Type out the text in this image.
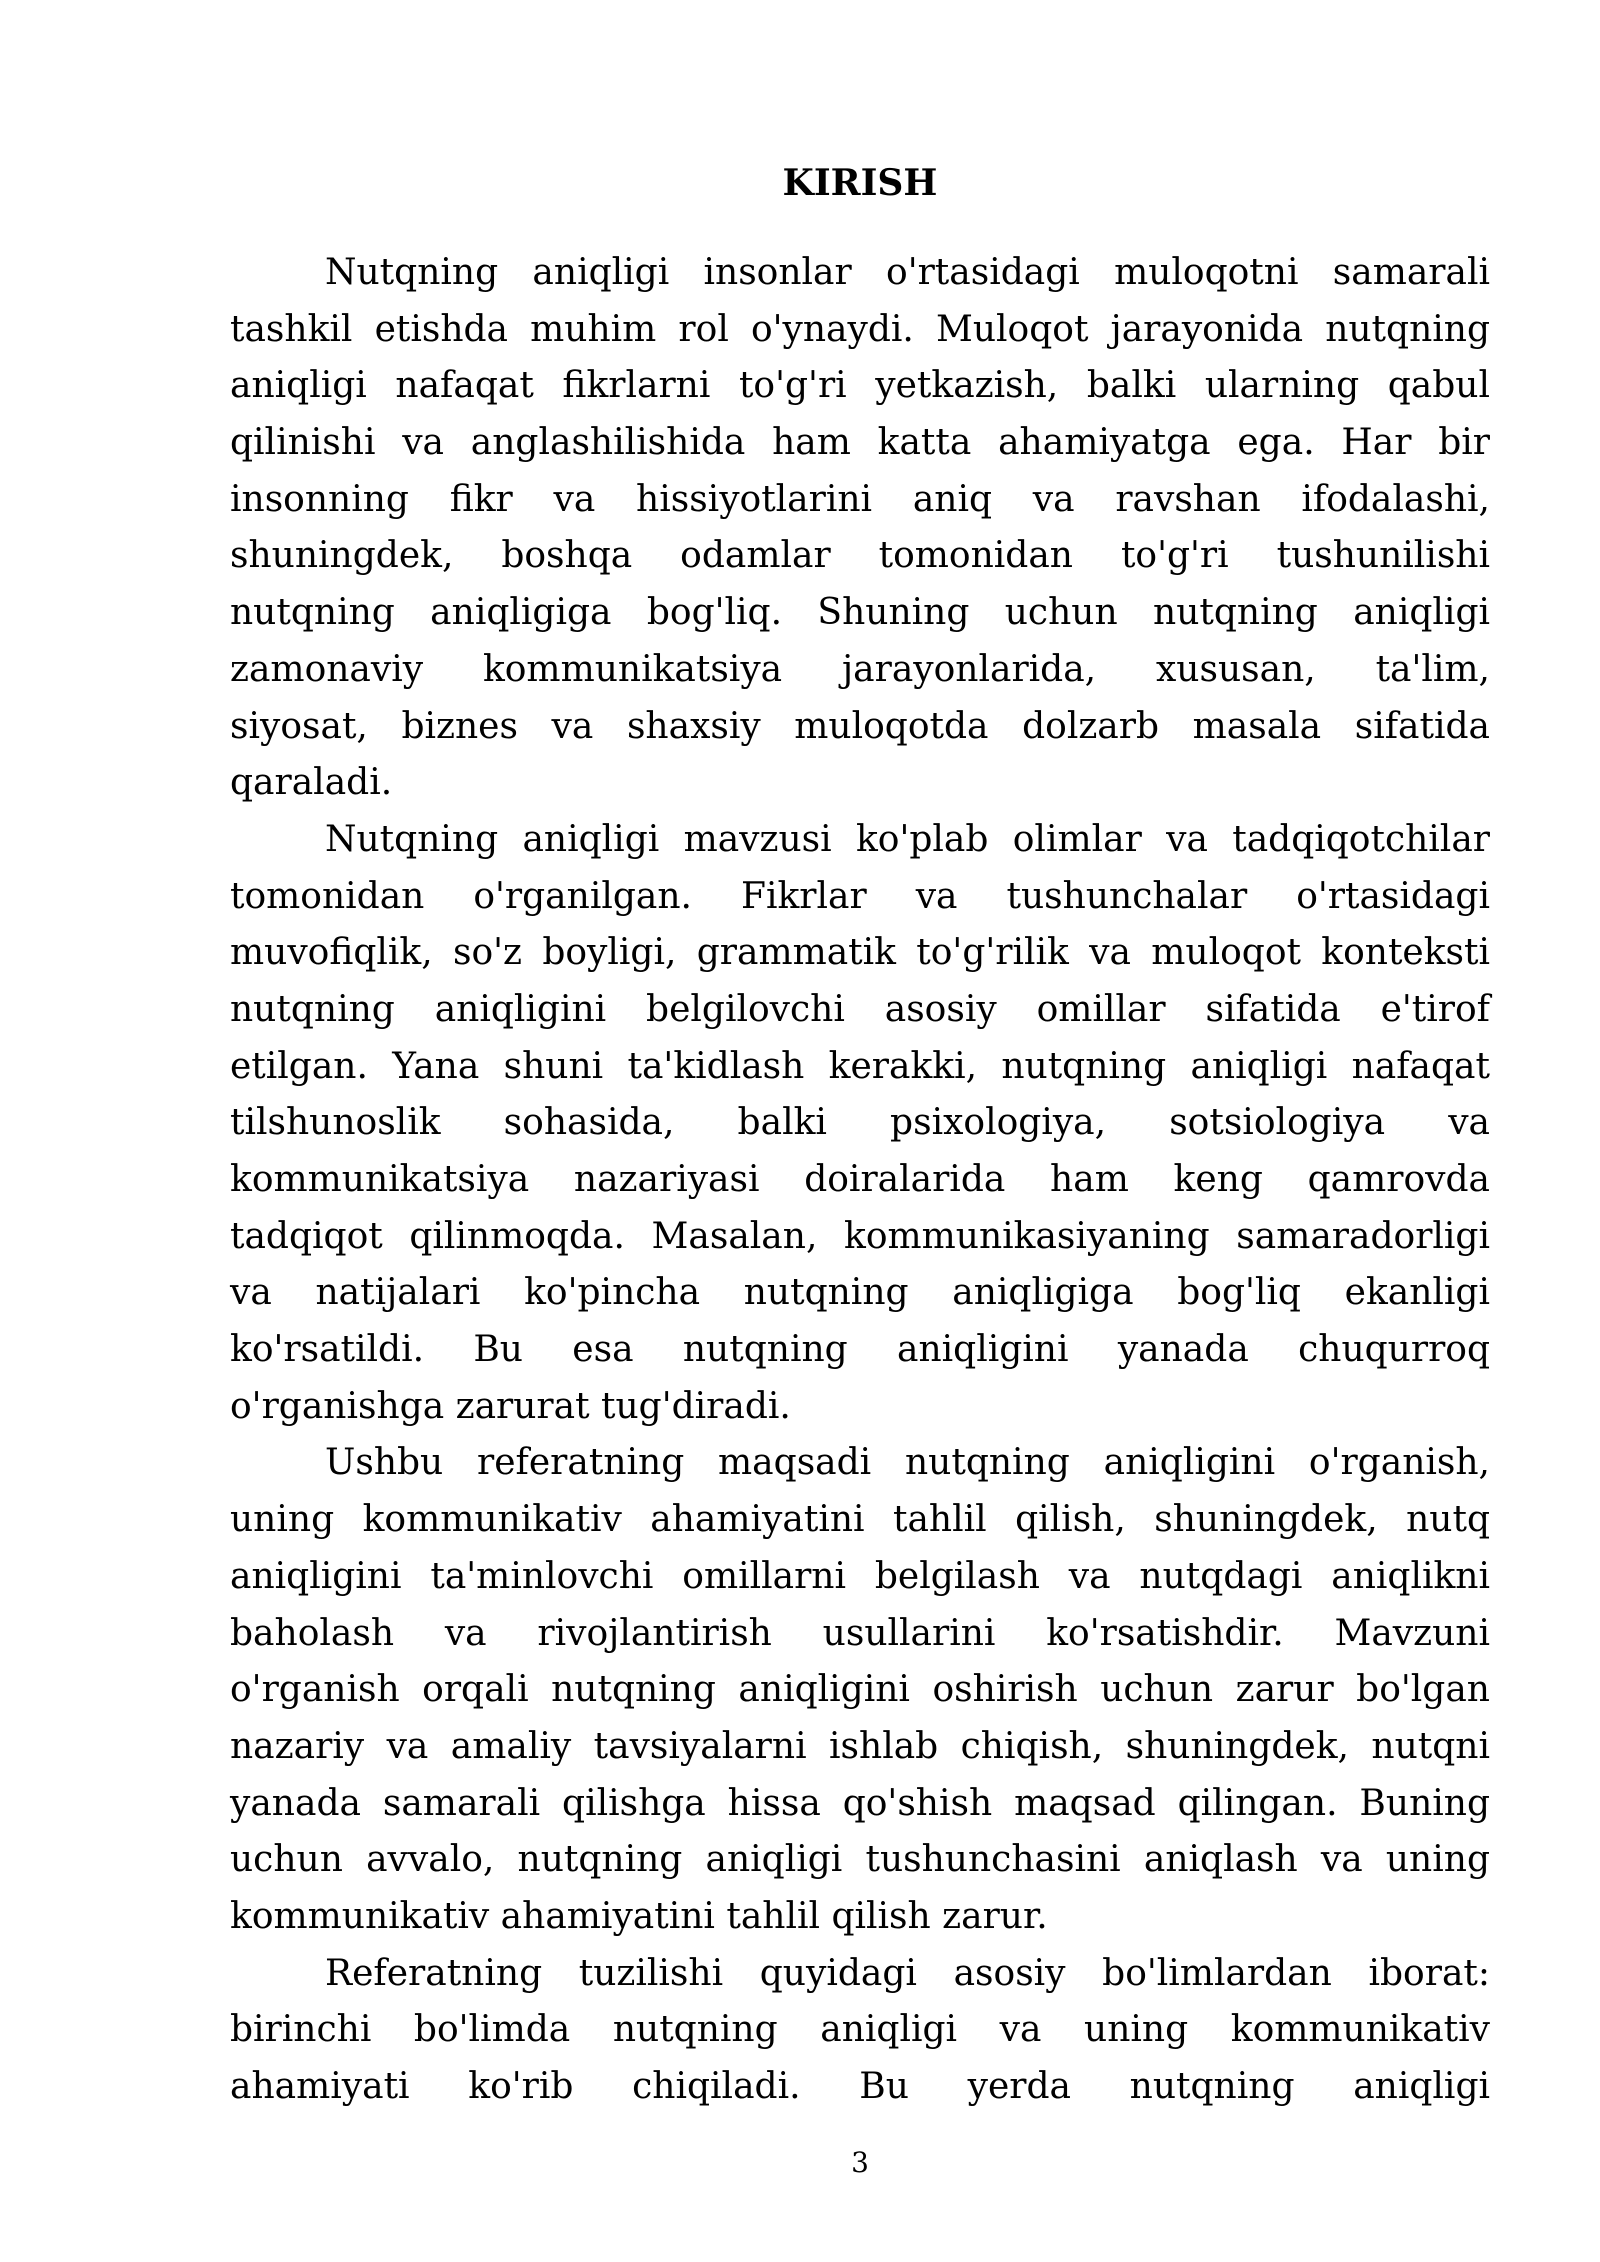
KIRISH
Nutqning aniqligi insonlar o'rtasidagi muloqotni samarali
tashkil etishda muhim rol o'ynaydi. Muloqot jarayonida nutqning
aniqligi nafaqat fikrlarni to'g'ri yetkazish, balki ularning qabul
qilinishi va anglashilishida ham katta ahamiyatga ega. Har bir
insonning fikr va hissiyotlarini aniq va ravshan ifodalashi,
shuningdek, boshqa odamlar tomonidan to'g'ri tushunilishi
nutqning aniqligiga bog'liq. Shuning uchun nutqning aniqligi
zamonaviy kommunikatsiya jarayonlarida, xususan, ta'lim,
siyosat, biznes va shaxsiy muloqotda dolzarb masala sifatida
qaraladi.
Nutqning aniqligi mavzusi ko'plab olimlar va tadqiqotchilar
tomonidan o'rganilgan. Fikrlar va tushunchalar o'rtasidagi
muvofiqlik, so'z boyligi, grammatik to'g'rilik va muloqot konteksti
nutqning aniqligini belgilovchi asosiy omillar sifatida e'tirof
etilgan. Yana shuni ta'kidlash kerakki, nutqning aniqligi nafaqat
tilshunoslik sohasida, balki psixologiya, sotsiologiya va
kommunikatsiya nazariyasi doiralarida ham keng qamrovda
tadqiqot qilinmoqda. Masalan, kommunikasiyaning samaradorligi
va natijalari ko'pincha nutqning aniqligiga bog'liq ekanligi
ko'rsatildi. Bu esa nutqning aniqligini yanada chuqurroq
o'rganishga zarurat tug'diradi.
Ushbu referatning maqsadi nutqning aniqligini o'rganish,
uning kommunikativ ahamiyatini tahlil qilish, shuningdek, nutq
aniqligini ta'minlovchi omillarni belgilash va nutqdagi aniqlikni
baholash va rivojlantirish usullarini ko'rsatishdir. Mavzuni
o'rganish orqali nutqning aniqligini oshirish uchun zarur bo'lgan
nazariy va amaliy tavsiyalarni ishlab chiqish, shuningdek, nutqni
yanada samarali qilishga hissa qo'shish maqsad qilingan. Buning
uchun avvalo, nutqning aniqligi tushunchasini aniqlash va uning
kommunikativ ahamiyatini tahlil qilish zarur.
Referatning tuzilishi quyidagi asosiy bo'limlardan iborat:
birinchi bo'limda nutqning aniqligi va uning kommunikativ
ahamiyati ko'rib chiqiladi. Bu yerda nutqning aniqligi
3
